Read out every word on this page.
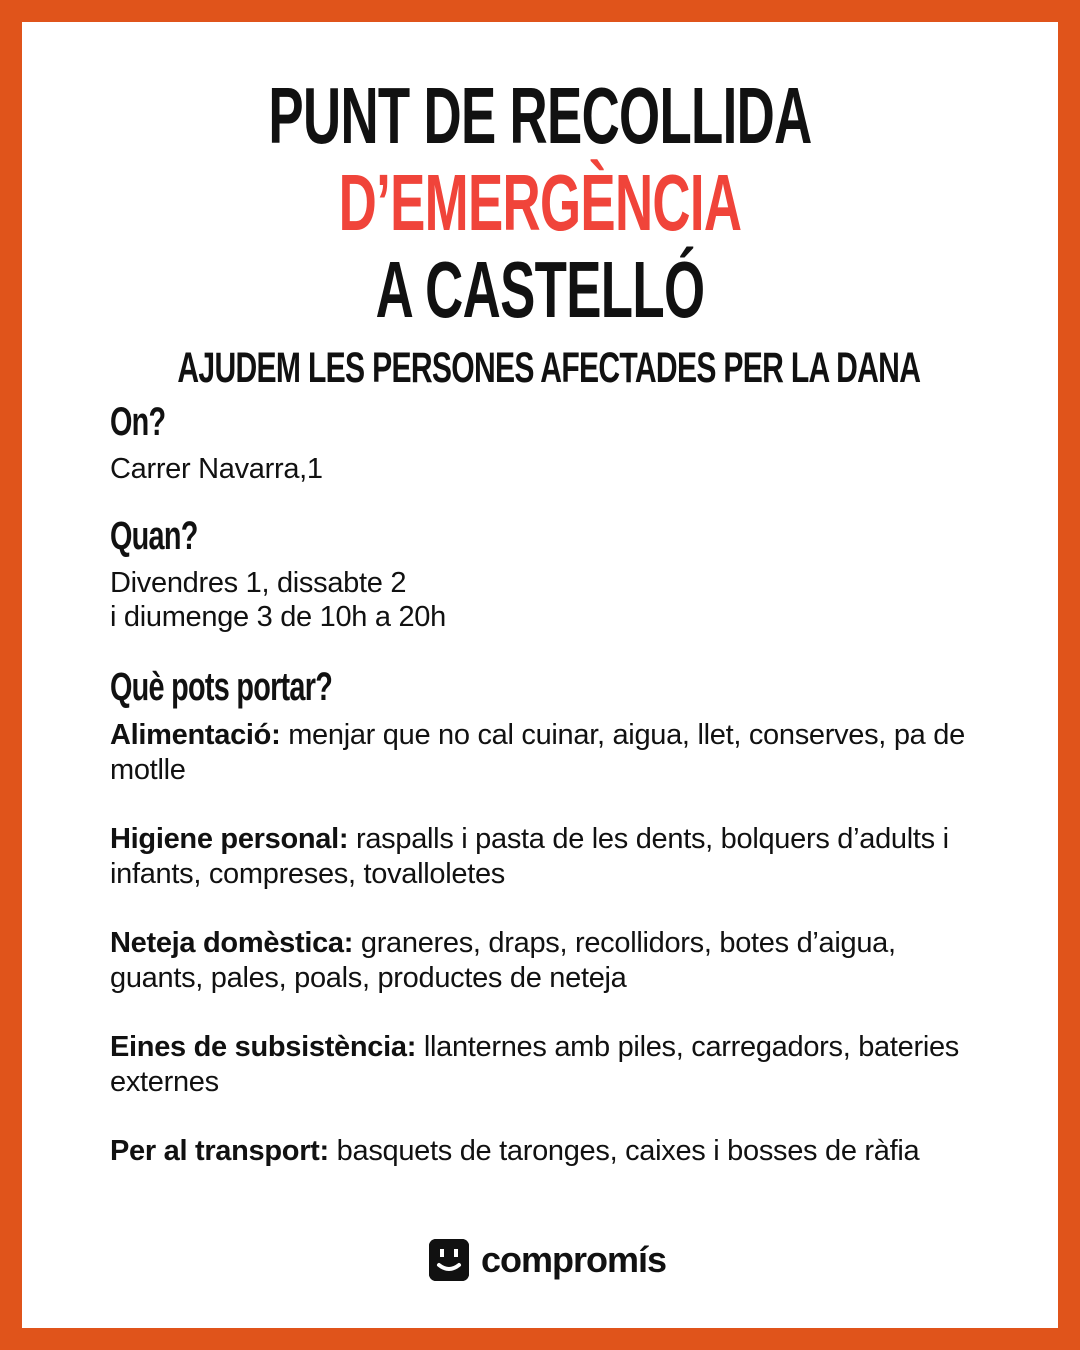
PUNT DE RECOLLIDA
D’EMERGÈNCIA
A CASTELLÓ
AJUDEM LES PERSONES AFECTADES PER LA DANA
On?
Carrer Navarra,1
Quan?
Divendres 1, dissabte 2
i diumenge 3 de 10h a 20h
Què pots portar?

Alimentació: menjar que no cal cuinar, aigua, llet, conserves, pa de motlle

Higiene personal: raspalls i pasta de les dents, bolquers d’adults i infants, compreses, tovalloletes

Neteja domèstica: graneres, draps, recollidors, botes d’aigua, guants, pales, poals, productes de neteja

Eines de subsistència: llanternes amb piles, carregadors, bateries externes

Per al transport: basquets de taronges, caixes i bosses de ràfia

compromís
